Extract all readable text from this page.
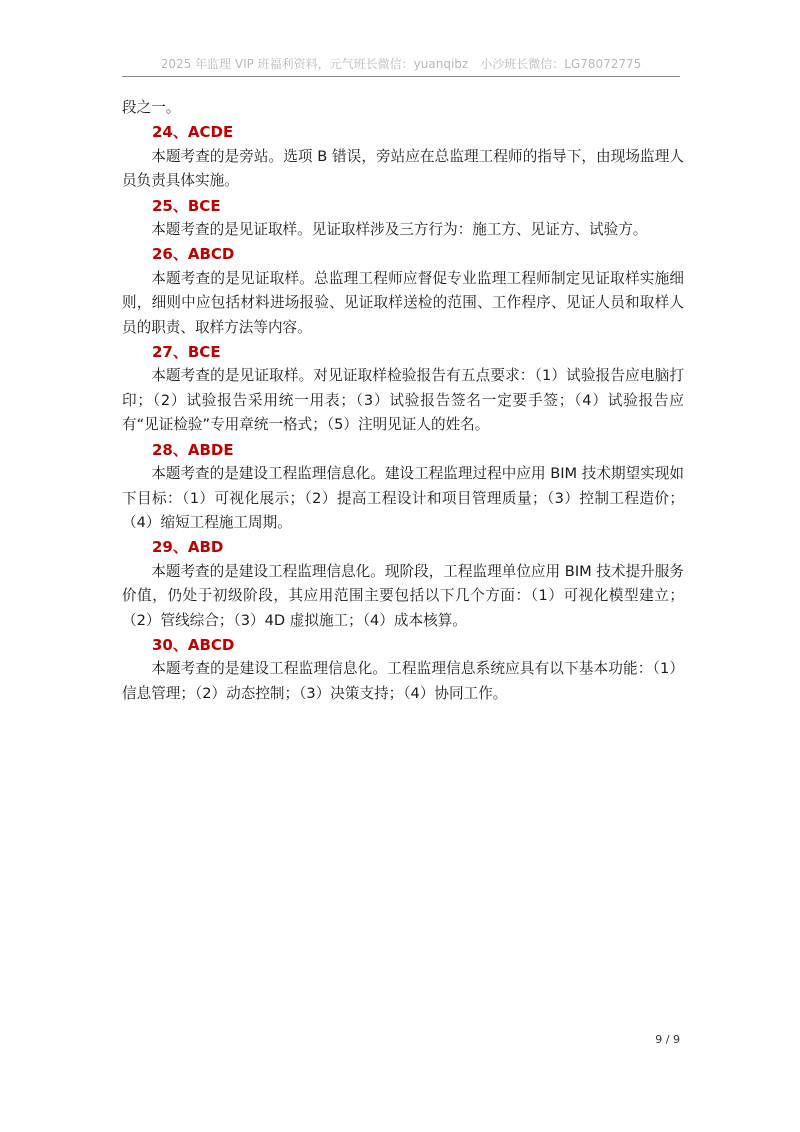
2025 年监理 VIP 班福利资料，元气班长微信：yuanqibz　小沙班长微信：LG78072775

段之一。

24、ACDE

本题考查的是旁站。选项 B 错误，旁站应在总监理工程师的指导下，由现场监理人员负责具体实施。

25、BCE

本题考查的是见证取样。见证取样涉及三方行为：施工方、见证方、试验方。

26、ABCD

本题考查的是见证取样。总监理工程师应督促专业监理工程师制定见证取样实施细则，细则中应包括材料进场报验、见证取样送检的范围、工作程序、见证人员和取样人员的职责、取样方法等内容。

27、BCE

本题考查的是见证取样。对见证取样检验报告有五点要求：（1）试验报告应电脑打印；（2）试验报告采用统一用表；（3）试验报告签名一定要手签；（4）试验报告应有“见证检验”专用章统一格式；（5）注明见证人的姓名。

28、ABDE

本题考查的是建设工程监理信息化。建设工程监理过程中应用 BIM 技术期望实现如下目标：（1）可视化展示；（2）提高工程设计和项目管理质量；（3）控制工程造价；（4）缩短工程施工周期。

29、ABD

本题考查的是建设工程监理信息化。现阶段，工程监理单位应用 BIM 技术提升服务价值，仍处于初级阶段，其应用范围主要包括以下几个方面：（1）可视化模型建立；（2）管线综合；（3）4D 虚拟施工；（4）成本核算。

30、ABCD

本题考查的是建设工程监理信息化。工程监理信息系统应具有以下基本功能：（1）信息管理；（2）动态控制；（3）决策支持；（4）协同工作。

9 / 9
